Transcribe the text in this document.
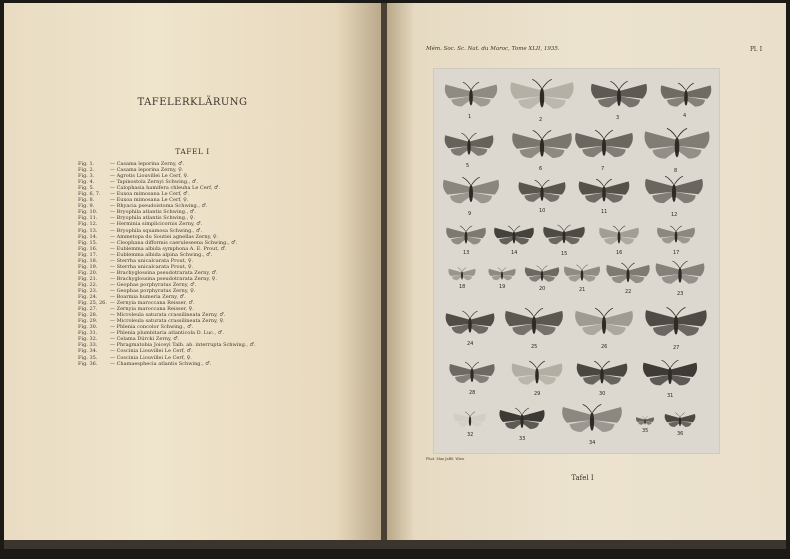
TAFELERKLÄRUNG
TAFEL I
Fig. 1.	— Casama leporina Zerny, ♂.
Fig. 2.	— Casama leporina Zerny, ♀.
Fig. 3.	— Agrotis Liouvillei Le Cerf, ♀.
Fig. 4.	— Tapinostola Zernyi Schwing., ♂.
Fig. 5.	— Calophasia hamifera chleuha Le Cerf, ♂.
Fig. 6, 7.	— Euxoa mimosana Le Cerf, ♂.
Fig. 8.	— Euxoa mimosana Le Cerf, ♀.
Fig. 9.	— Rhyacia pseudoistoma Schwing., ♂.
Fig. 10.	— Bryophila atlantis Schwing., ♂.
Fig. 11.	— Bryophila atlantis Schwing., ♀.
Fig. 12.	— Herminia simplicicornis Zerny, ♂.
Fig. 13.	— Bryophila squamosa Schwing., ♂.
Fig. 14.	— Ammetopa du Soutiei agnellas Zerny, ♀.
Fig. 15.	— Cleophana difformis caeruleseena Schwing., ♂.
Fig. 16.	— Eublemma albida symphona A. E. Prout, ♂.
Fig. 17.	— Eublemma albida alpina Schwing., ♂.
Fig. 18.	— Sterrha unicalcarata Prout, ♀.
Fig. 19.	— Sterrha unicalcarata Prout, ♀.
Fig. 20.	— Brachyglossina pseudotrarata Zerny, ♂.
Fig. 21.	— Brachyglossina pseudotrarata Zerny, ♀.
Fig. 22.	— Geophas porphyratus Zerny, ♂.
Fig. 23.	— Geophas porphyratus Zerny, ♀.
Fig. 24.	— Boarmia humeria Zerny, ♂.
Fig. 25, 26. — Zernyia maroccana Reisser, ♂.
Fig. 27.	— Zernyia maroccana Reisser, ♀.
Fig. 28.	— Microleula saturata crassilineata Zerny, ♂.
Fig. 29.	— Microleula saturata crassilineata Zerny, ♀.
Fig. 30.	— Phlenia concolor Schwing., ♂.
Fig. 31.	— Phlenia plumbitaria atlanticola D. Luc., ♂.
Fig. 32.	— Celama Dürcki Zerny, ♂.
Fig. 33.	— Phragmatobia Joiceyi Talb. ab. interrupta Schwing., ♂.
Fig. 34.	— Coscinia Liouvillei Le Cerf, ♂.
Fig. 35.	— Coscinia Liouvillei Le Cerf, ♀.
Fig. 36.	— Chamaesphecia atlantis Schwing., ♂.
Mém. Soc. Sc. Nat. du Maroc, Tome XLII, 1935.	Pl. I
1
2	3	4
5
6	7	8
9	10	11	12
13	14	15	16	17
18	19	20	21	22	23
24	25	26	27
28	29	30	31
32
33
34
35
36
Phot. Max Jaffé, Wien
Tafel I
